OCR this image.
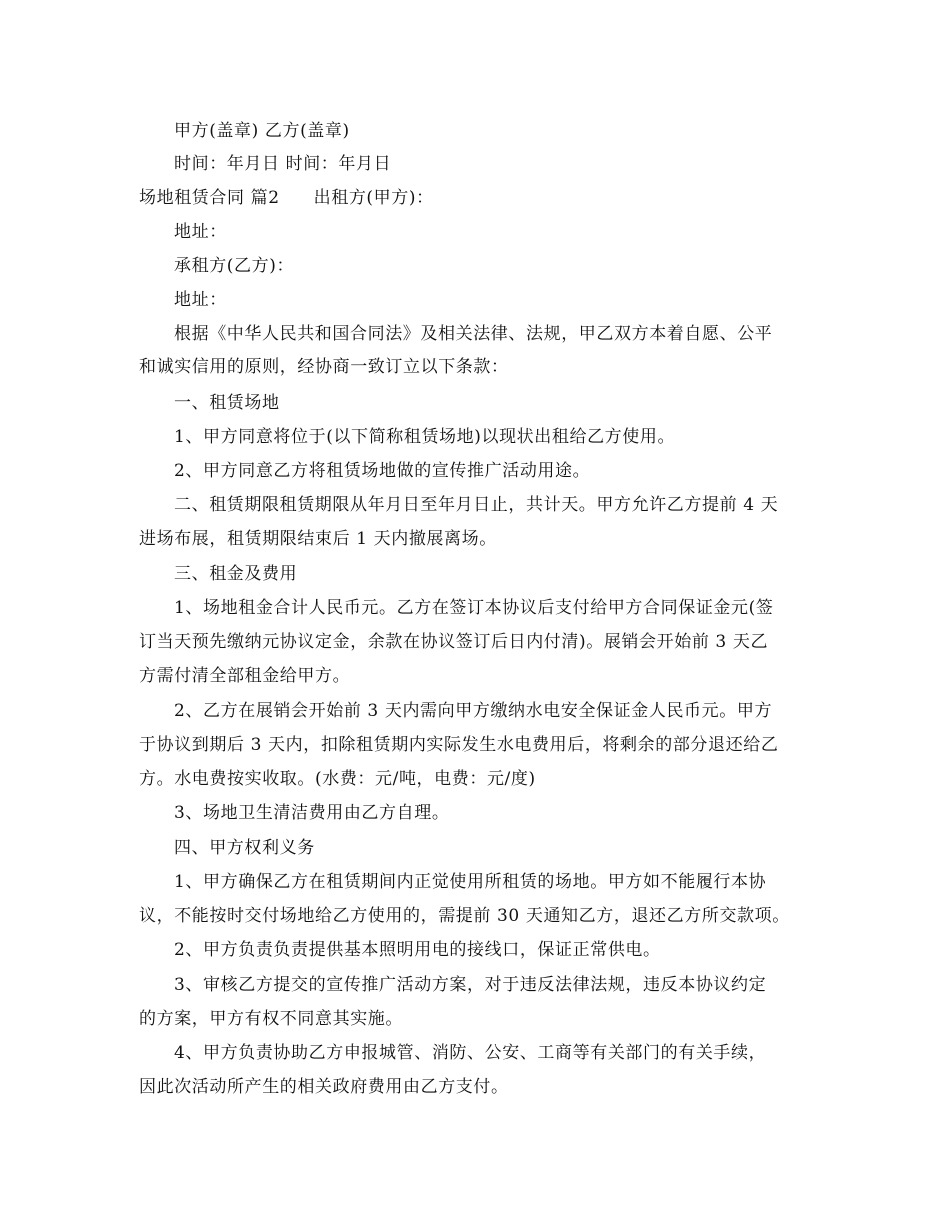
甲方(盖章) 乙方(盖章)
时间：年月日 时间：年月日
场地租赁合同 篇2 出租方(甲方)：
地址：
承租方(乙方)：
地址：
根据《中华人民共和国合同法》及相关法律、法规，甲乙双方本着自愿、公平
和诚实信用的原则，经协商一致订立以下条款：
一、租赁场地
1、甲方同意将位于(以下简称租赁场地)以现状出租给乙方使用。
2、甲方同意乙方将租赁场地做的宣传推广活动用途。
二、租赁期限租赁期限从年月日至年月日止，共计天。甲方允许乙方提前 4 天
进场布展，租赁期限结束后 1 天内撤展离场。
三、租金及费用
1、场地租金合计人民币元。乙方在签订本协议后支付给甲方合同保证金元(签
订当天预先缴纳元协议定金，余款在协议签订后日内付清)。展销会开始前 3 天乙
方需付清全部租金给甲方。
2、乙方在展销会开始前 3 天内需向甲方缴纳水电安全保证金人民币元。甲方
于协议到期后 3 天内，扣除租赁期内实际发生水电费用后，将剩余的部分退还给乙
方。水电费按实收取。(水费：元/吨，电费：元/度)
3、场地卫生清洁费用由乙方自理。
四、甲方权利义务
1、甲方确保乙方在租赁期间内正觉使用所租赁的场地。甲方如不能履行本协
议，不能按时交付场地给乙方使用的，需提前 30 天通知乙方，退还乙方所交款项。
2、甲方负责负责提供基本照明用电的接线口，保证正常供电。
3、审核乙方提交的宣传推广活动方案，对于违反法律法规，违反本协议约定
的方案，甲方有权不同意其实施。
4、甲方负责协助乙方申报城管、消防、公安、工商等有关部门的有关手续，
因此次活动所产生的相关政府费用由乙方支付。
